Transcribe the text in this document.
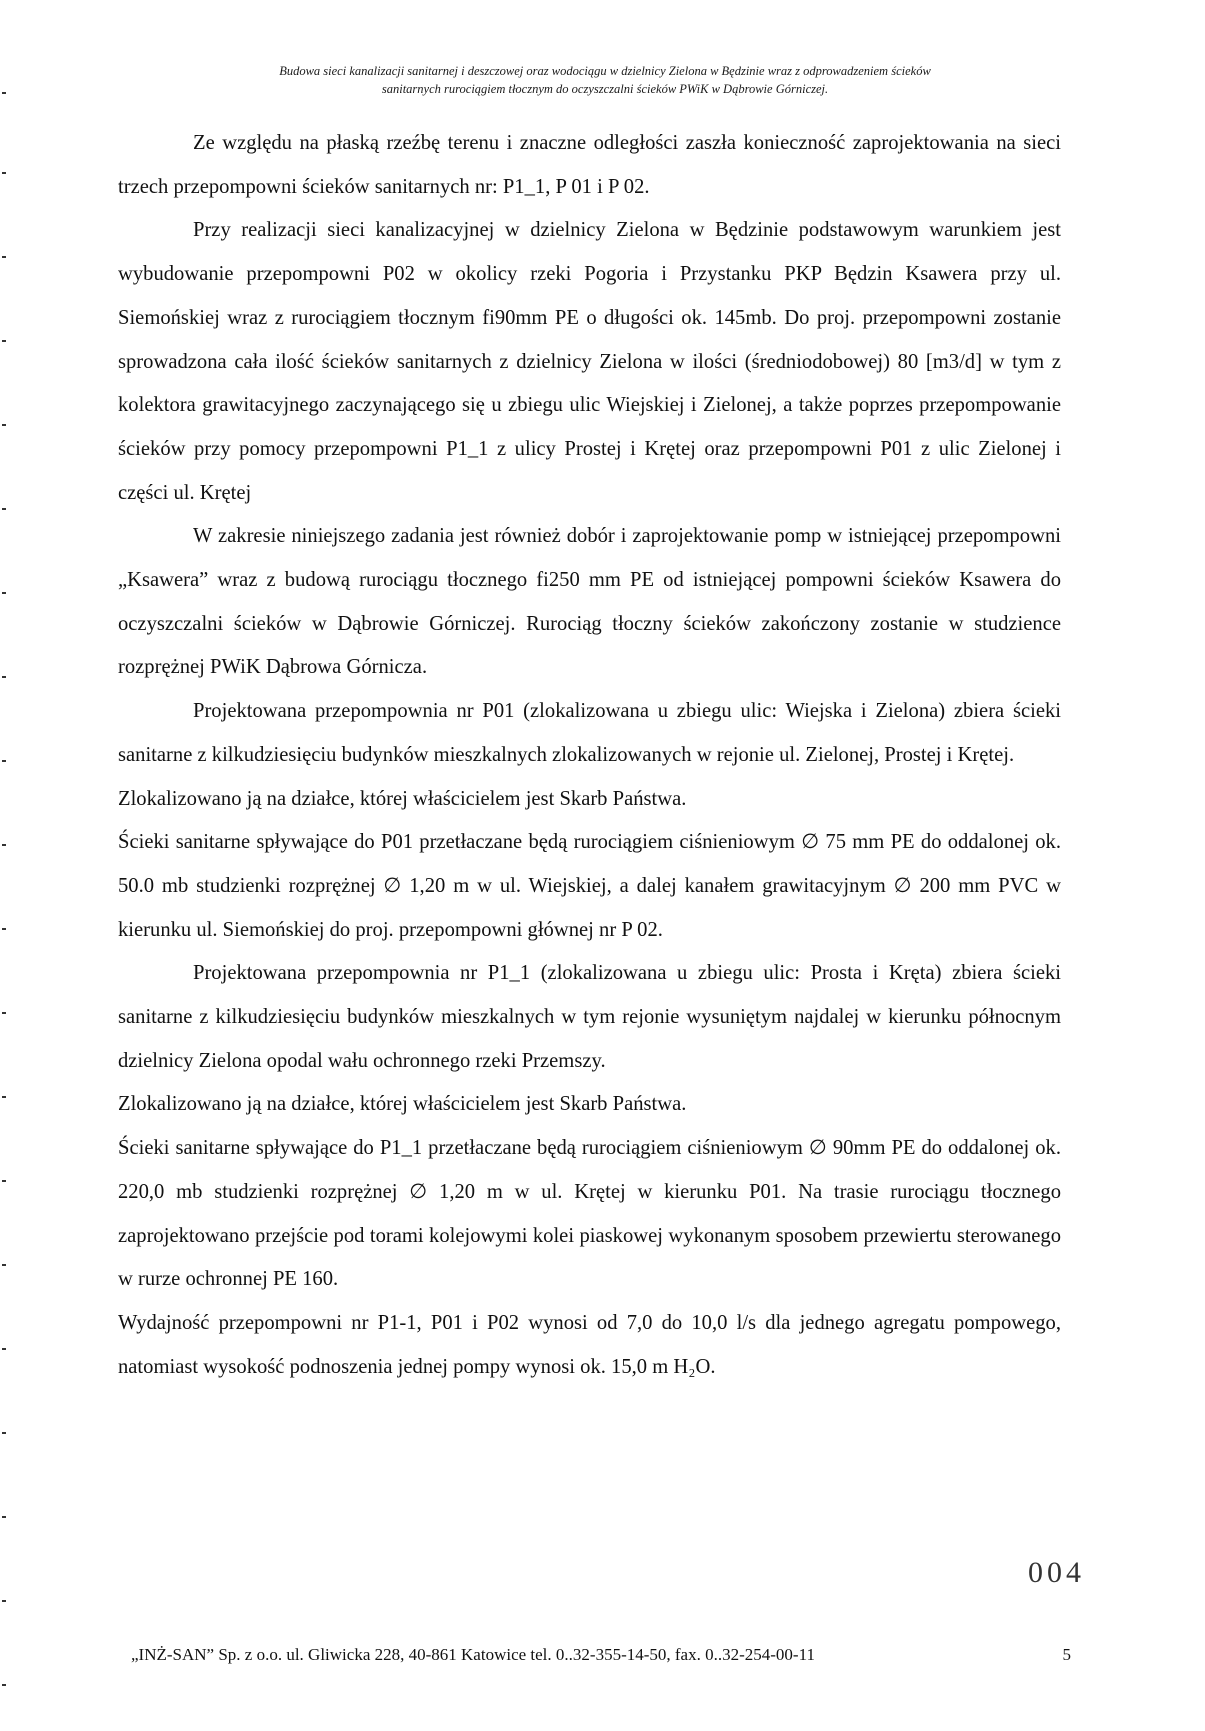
Budowa sieci kanalizacji sanitarnej i deszczowej oraz wodociągu w dzielnicy Zielona w Będzinie wraz z odprowadzeniem ścieków
sanitarnych rurociągiem tłocznym do oczyszczalni ścieków PWiK w Dąbrowie Górniczej.

Ze względu na płaską rzeźbę terenu i znaczne odległości zaszła konieczność zaprojektowania na sieci trzech przepompowni ścieków sanitarnych nr: P1_1, P 01 i P 02.

Przy realizacji sieci kanalizacyjnej w dzielnicy Zielona w Będzinie podstawowym warunkiem jest wybudowanie przepompowni P02 w okolicy rzeki Pogoria i Przystanku PKP Będzin Ksawera przy ul. Siemońskiej wraz z rurociągiem tłocznym fi90mm PE o długości ok. 145mb. Do proj. przepompowni zostanie sprowadzona cała ilość ścieków sanitarnych z dzielnicy Zielona w ilości (średniodobowej) 80 [m3/d] w tym z kolektora grawitacyjnego zaczynającego się u zbiegu ulic Wiejskiej i Zielonej, a także poprzes przepompowanie ścieków przy pomocy przepompowni P1_1 z ulicy Prostej i Krętej oraz przepompowni P01 z ulic Zielonej i części ul. Krętej

W zakresie niniejszego zadania jest również dobór i zaprojektowanie pomp w istniejącej przepompowni „Ksawera” wraz z budową rurociągu tłocznego fi250 mm PE od istniejącej pompowni ścieków Ksawera do oczyszczalni ścieków w Dąbrowie Górniczej. Rurociąg tłoczny ścieków zakończony zostanie w studzience rozprężnej PWiK Dąbrowa Górnicza.

Projektowana przepompownia nr P01 (zlokalizowana u zbiegu ulic: Wiejska i Zielona) zbiera ścieki sanitarne z kilkudziesięciu budynków mieszkalnych zlokalizowanych w rejonie ul. Zielonej, Prostej i Krętej.

Zlokalizowano ją na działce, której właścicielem jest Skarb Państwa.

Ścieki sanitarne spływające do P01 przetłaczane będą rurociągiem ciśnieniowym ∅ 75 mm PE do oddalonej ok. 50.0 mb studzienki rozprężnej ∅ 1,20 m w ul. Wiejskiej, a dalej kanałem grawitacyjnym ∅ 200 mm PVC w kierunku ul. Siemońskiej do proj. przepompowni głównej nr P 02.

Projektowana przepompownia nr P1_1 (zlokalizowana u zbiegu ulic: Prosta i Kręta) zbiera ścieki sanitarne z kilkudziesięciu budynków mieszkalnych w tym rejonie wysuniętym najdalej w kierunku północnym dzielnicy Zielona opodal wału ochronnego rzeki Przemszy.

Zlokalizowano ją na działce, której właścicielem jest Skarb Państwa.

Ścieki sanitarne spływające do P1_1 przetłaczane będą rurociągiem ciśnieniowym ∅ 90mm PE do oddalonej ok. 220,0 mb studzienki rozprężnej ∅ 1,20 m w ul. Krętej w kierunku P01. Na trasie rurociągu tłocznego zaprojektowano przejście pod torami kolejowymi kolei piaskowej wykonanym sposobem przewiertu sterowanego w rurze ochronnej PE 160.

Wydajność przepompowni nr P1-1, P01 i P02 wynosi od 7,0 do 10,0 l/s dla jednego agregatu pompowego, natomiast wysokość podnoszenia jednej pompy wynosi ok. 15,0 m H₂O.

004
„INŻ-SAN” Sp. z o.o. ul. Gliwicka 228, 40-861 Katowice tel. 0..32-355-14-50, fax. 0..32-254-00-11	5
